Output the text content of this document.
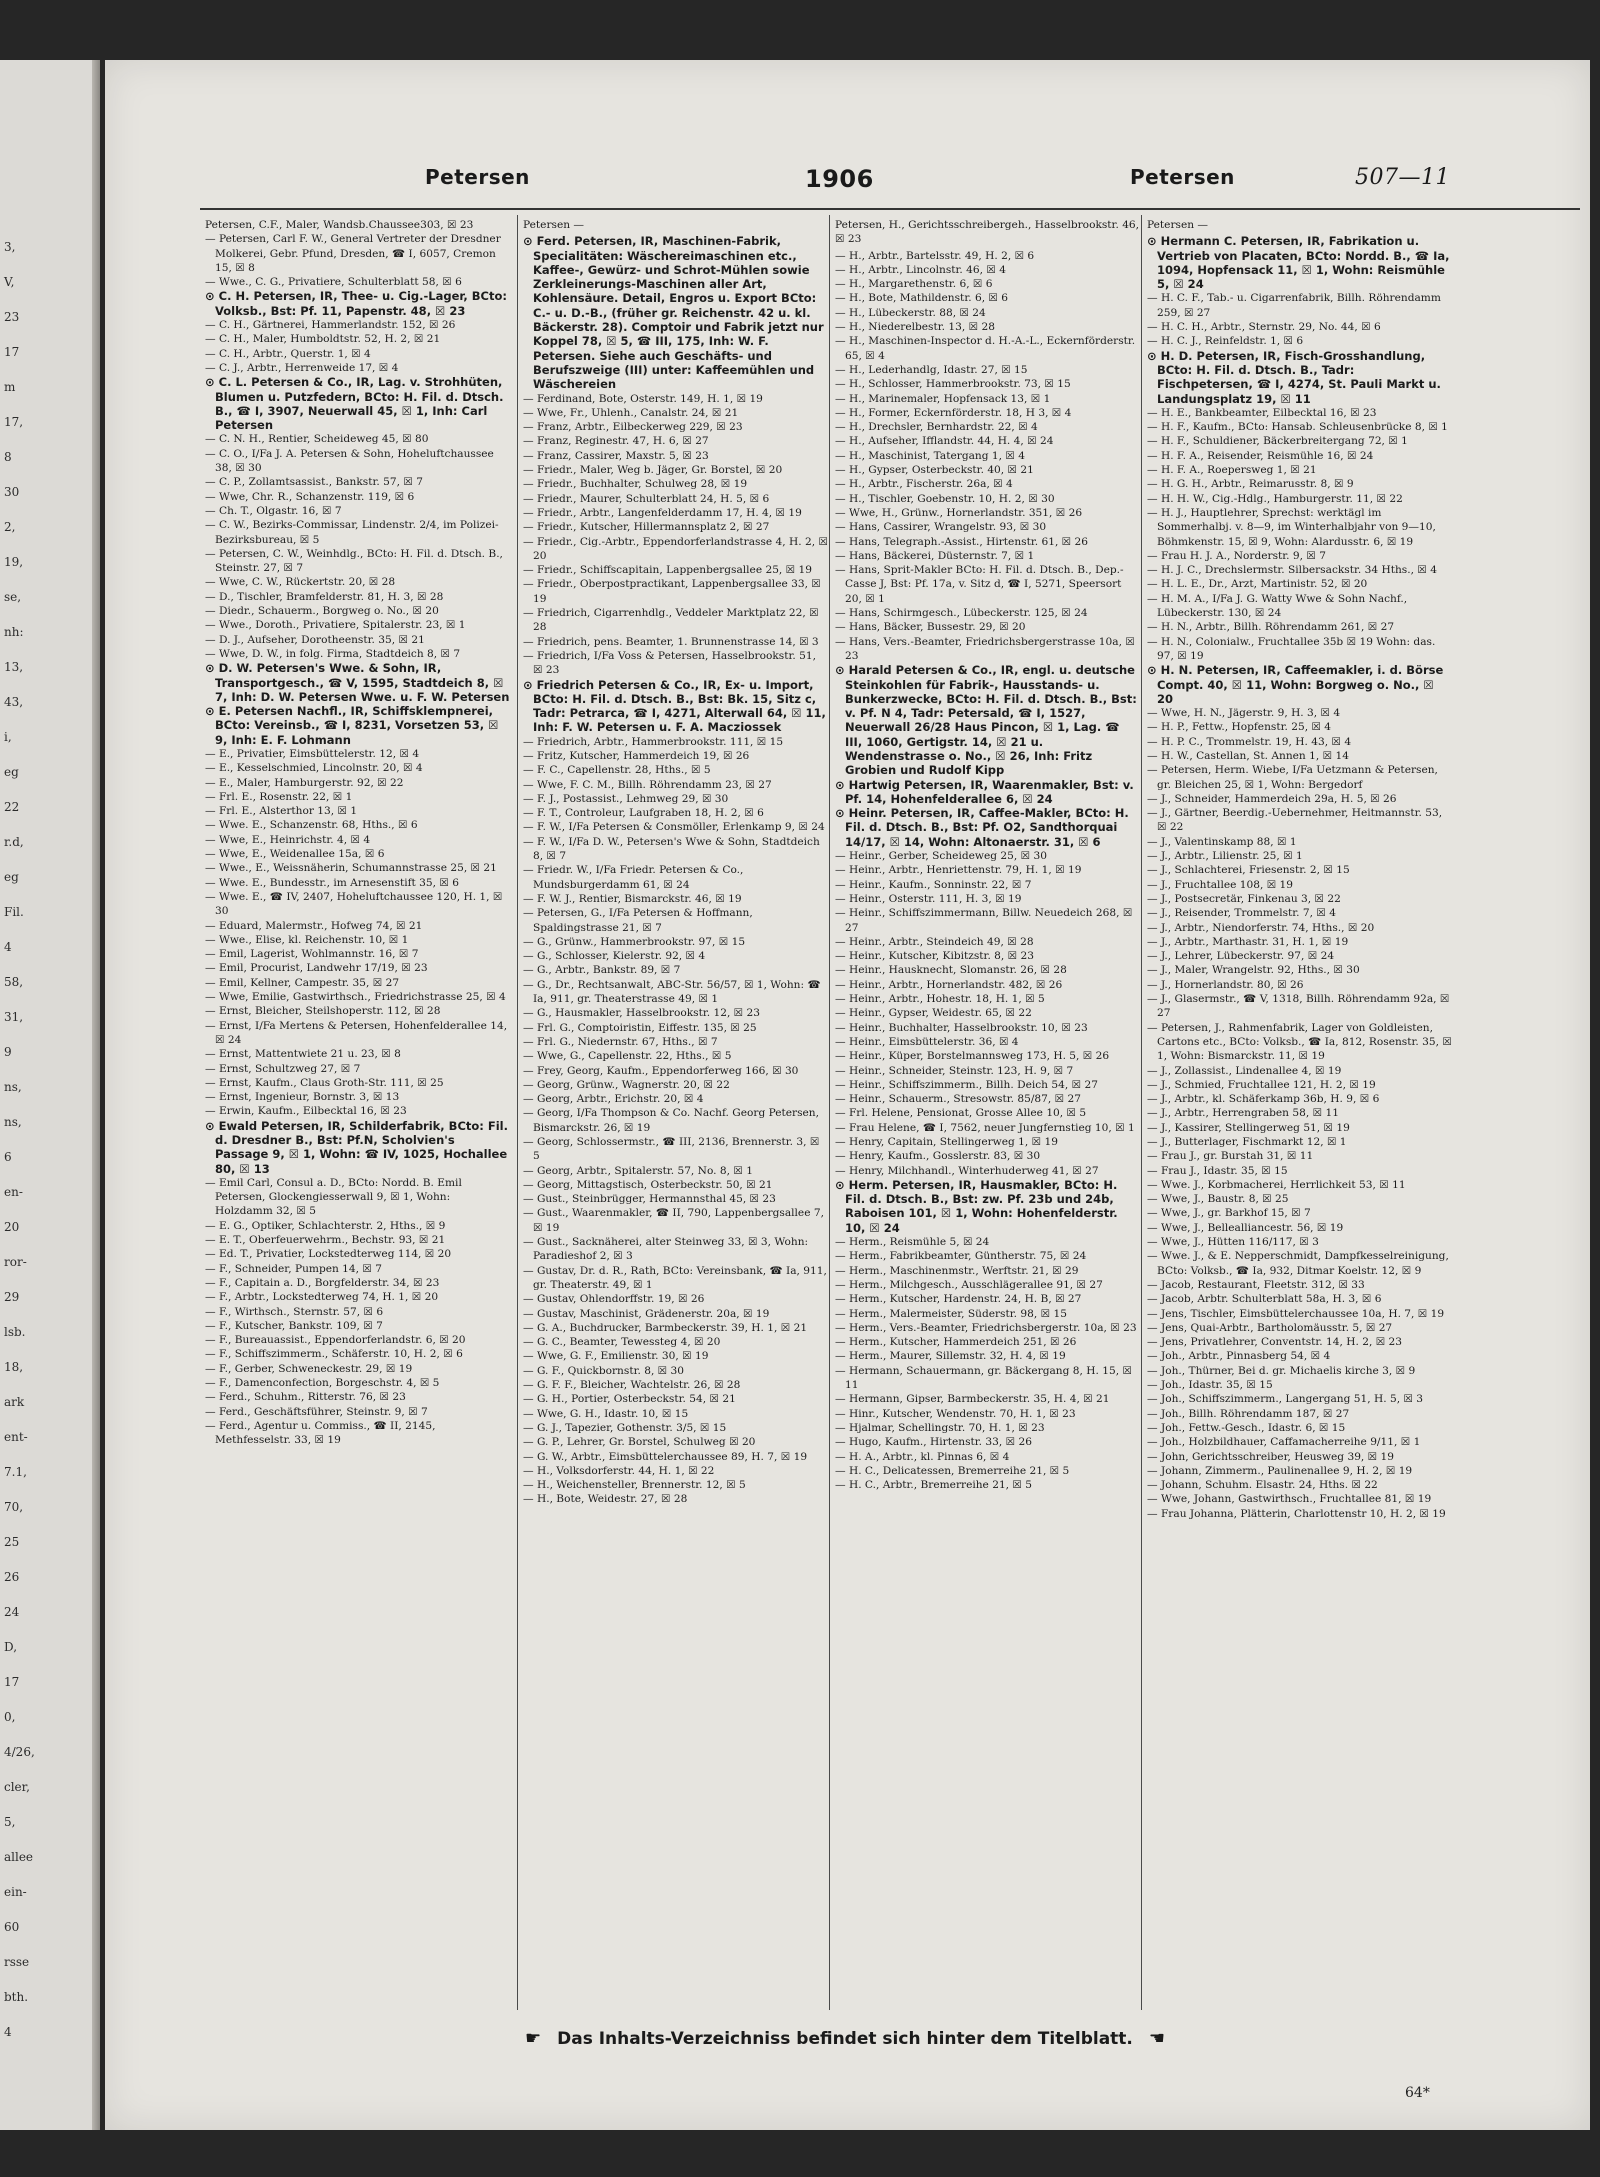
3,
V,
23
17
m
17,
8
30
2,
19,
se,
nh:
13,
43,
i,
eg
22
r.d,
eg
Fil.
4
58,
31,
9
ns,
ns,
6
en-
20
ror-
29
lsb.
18,
ark
ent-
7.1,
70,
25
26
24
D,
17
0,
4/26,
cler,
5,
allee
ein-
60
rsse
bth.
4
Petersen	1906	Petersen	507—11

Petersen, C.F., Maler, Wandsb.Chaussee303, ☒ 23

— Petersen, Carl F. W., General Vertreter der Dresdner Molkerei, Gebr. Pfund, Dresden, ☎ I, 6057, Cremon 15, ☒ 8

— Wwe., C. G., Privatiere, Schulterblatt 58, ☒ 6

⊙ C. H. Petersen, IR, Thee- u. Cig.-Lager, BCto: Volksb., Bst: Pf. 11, Papenstr. 48, ☒ 23

— C. H., Gärtnerei, Hammerlandstr. 152, ☒ 26

— C. H., Maler, Humboldtstr. 52, H. 2, ☒ 21

— C. H., Arbtr., Querstr. 1, ☒ 4

— C. J., Arbtr., Herrenweide 17, ☒ 4

⊙ C. L. Petersen & Co., IR, Lag. v. Strohhüten, Blumen u. Putzfedern, BCto: H. Fil. d. Dtsch. B., ☎ I, 3907, Neuerwall 45, ☒ 1, Inh: Carl Petersen

— C. N. H., Rentier, Scheideweg 45, ☒ 80

— C. O., I/Fa J. A. Petersen & Sohn, Hoheluftchaussee 38, ☒ 30

— C. P., Zollamtsassist., Bankstr. 57, ☒ 7

— Wwe, Chr. R., Schanzenstr. 119, ☒ 6

— Ch. T., Olgastr. 16, ☒ 7

— C. W., Bezirks-Commissar, Lindenstr. 2/4, im Polizei-Bezirksbureau, ☒ 5

— Petersen, C. W., Weinhdlg., BCto: H. Fil. d. Dtsch. B., Steinstr. 27, ☒ 7

— Wwe, C. W., Rückertstr. 20, ☒ 28

— D., Tischler, Bramfelderstr. 81, H. 3, ☒ 28

— Diedr., Schauerm., Borgweg o. No., ☒ 20

— Wwe., Doroth., Privatiere, Spitalerstr. 23, ☒ 1

— D. J., Aufseher, Dorotheenstr. 35, ☒ 21

— Wwe, D. W., in folg. Firma, Stadtdeich 8, ☒ 7

⊙ D. W. Petersen's Wwe. & Sohn, IR, Transportgesch., ☎ V, 1595, Stadtdeich 8, ☒ 7, Inh: D. W. Petersen Wwe. u. F. W. Petersen

⊙ E. Petersen Nachfl., IR, Schiffsklempnerei, BCto: Vereinsb., ☎ I, 8231, Vorsetzen 53, ☒ 9, Inh: E. F. Lohmann

— E., Privatier, Eimsbüttelerstr. 12, ☒ 4

— E., Kesselschmied, Lincolnstr. 20, ☒ 4

— E., Maler, Hamburgerstr. 92, ☒ 22

— Frl. E., Rosenstr. 22, ☒ 1

— Frl. E., Alsterthor 13, ☒ 1

— Wwe. E., Schanzenstr. 68, Hths., ☒ 6

— Wwe, E., Heinrichstr. 4, ☒ 4

— Wwe, E., Weidenallee 15a, ☒ 6

— Wwe., E., Weissnäherin, Schumannstrasse 25, ☒ 21

— Wwe. E., Bundesstr., im Arnesenstift 35, ☒ 6

— Wwe. E., ☎ IV, 2407, Hoheluftchaussee 120, H. 1, ☒ 30

— Eduard, Malermstr., Hofweg 74, ☒ 21

— Wwe., Elise, kl. Reichenstr. 10, ☒ 1

— Emil, Lagerist, Wohlmannstr. 16, ☒ 7

— Emil, Procurist, Landwehr 17/19, ☒ 23

— Emil, Kellner, Campestr. 35, ☒ 27

— Wwe, Emilie, Gastwirthsch., Friedrichstrasse 25, ☒ 4

— Ernst, Bleicher, Steilshoperstr. 112, ☒ 28

— Ernst, I/Fa Mertens & Petersen, Hohenfelderallee 14, ☒ 24

— Ernst, Mattentwiete 21 u. 23, ☒ 8

— Ernst, Schultzweg 27, ☒ 7

— Ernst, Kaufm., Claus Groth-Str. 111, ☒ 25

— Ernst, Ingenieur, Bornstr. 3, ☒ 13

— Erwin, Kaufm., Eilbecktal 16, ☒ 23

⊙ Ewald Petersen, IR, Schilderfabrik, BCto: Fil. d. Dresdner B., Bst: Pf.N, Scholvien's Passage 9, ☒ 1, Wohn: ☎ IV, 1025, Hochallee 80, ☒ 13

— Emil Carl, Consul a. D., BCto: Nordd. B. Emil Petersen, Glockengiesserwall 9, ☒ 1, Wohn: Holzdamm 32, ☒ 5

— E. G., Optiker, Schlachterstr. 2, Hths., ☒ 9

— E. T., Oberfeuerwehrm., Bechstr. 93, ☒ 21

— Ed. T., Privatier, Lockstedterweg 114, ☒ 20

— F., Schneider, Pumpen 14, ☒ 7

— F., Capitain a. D., Borgfelderstr. 34, ☒ 23

— F., Arbtr., Lockstedterweg 74, H. 1, ☒ 20

— F., Wirthsch., Sternstr. 57, ☒ 6

— F., Kutscher, Bankstr. 109, ☒ 7

— F., Bureauassist., Eppendorferlandstr. 6, ☒ 20

— F., Schiffszimmerm., Schäferstr. 10, H. 2, ☒ 6

— F., Gerber, Schweneckestr. 29, ☒ 19

— F., Damenconfection, Borgeschstr. 4, ☒ 5

— Ferd., Schuhm., Ritterstr. 76, ☒ 23

— Ferd., Geschäftsführer, Steinstr. 9, ☒ 7

— Ferd., Agentur u. Commiss., ☎ II, 2145, Methfesselstr. 33, ☒ 19

Petersen —

⊙ Ferd. Petersen, IR, Maschinen-Fabrik, Specialitäten: Wäschereimaschinen etc., Kaffee-, Gewürz- und Schrot-Mühlen sowie Zerkleinerungs-Maschinen aller Art, Kohlensäure. Detail, Engros u. Export BCto: C.- u. D.-B., (früher gr. Reichenstr. 42 u. kl. Bäckerstr. 28). Comptoir und Fabrik jetzt nur Koppel 78, ☒ 5, ☎ III, 175, Inh: W. F. Petersen. Siehe auch Geschäfts- und Berufszweige (III) unter: Kaffeemühlen und Wäschereien

— Ferdinand, Bote, Osterstr. 149, H. 1, ☒ 19

— Wwe, Fr., Uhlenh., Canalstr. 24, ☒ 21

— Franz, Arbtr., Eilbeckerweg 229, ☒ 23

— Franz, Reginestr. 47, H. 6, ☒ 27

— Franz, Cassirer, Maxstr. 5, ☒ 23

— Friedr., Maler, Weg b. Jäger, Gr. Borstel, ☒ 20

— Friedr., Buchhalter, Schulweg 28, ☒ 19

— Friedr., Maurer, Schulterblatt 24, H. 5, ☒ 6

— Friedr., Arbtr., Langenfelderdamm 17, H. 4, ☒ 19

— Friedr., Kutscher, Hillermannsplatz 2, ☒ 27

— Friedr., Cig.-Arbtr., Eppendorferlandstrasse 4, H. 2, ☒ 20

— Friedr., Schiffscapitain, Lappenbergsallee 25, ☒ 19

— Friedr., Oberpostpractikant, Lappenbergsallee 33, ☒ 19

— Friedrich, Cigarrenhdlg., Veddeler Marktplatz 22, ☒ 28

— Friedrich, pens. Beamter, 1. Brunnenstrasse 14, ☒ 3

— Friedrich, I/Fa Voss & Petersen, Hasselbrookstr. 51, ☒ 23

⊙ Friedrich Petersen & Co., IR, Ex- u. Import, BCto: H. Fil. d. Dtsch. B., Bst: Bk. 15, Sitz c, Tadr: Petrarca, ☎ I, 4271, Alterwall 64, ☒ 11, Inh: F. W. Petersen u. F. A. Macziossek

— Friedrich, Arbtr., Hammerbrookstr. 111, ☒ 15

— Fritz, Kutscher, Hammerdeich 19, ☒ 26

— F. C., Capellenstr. 28, Hths., ☒ 5

— Wwe, F. C. M., Billh. Röhrendamm 23, ☒ 27

— F. J., Postassist., Lehmweg 29, ☒ 30

— F. T., Controleur, Laufgraben 18, H. 2, ☒ 6

— F. W., I/Fa Petersen & Consmöller, Erlenkamp 9, ☒ 24

— F. W., I/Fa D. W., Petersen's Wwe & Sohn, Stadtdeich 8, ☒ 7

— Friedr. W., I/Fa Friedr. Petersen & Co., Mundsburgerdamm 61, ☒ 24

— F. W. J., Rentier, Bismarckstr. 46, ☒ 19

— Petersen, G., I/Fa Petersen & Hoffmann, Spaldingstrasse 21, ☒ 7

— G., Grünw., Hammerbrookstr. 97, ☒ 15

— G., Schlosser, Kielerstr. 92, ☒ 4

— G., Arbtr., Bankstr. 89, ☒ 7

— G., Dr., Rechtsanwalt, ABC-Str. 56/57, ☒ 1, Wohn: ☎ Ia, 911, gr. Theaterstrasse 49, ☒ 1

— G., Hausmakler, Hasselbrookstr. 12, ☒ 23

— Frl. G., Comptoiristin, Eiffestr. 135, ☒ 25

— Frl. G., Niedernstr. 67, Hths., ☒ 7

— Wwe, G., Capellenstr. 22, Hths., ☒ 5

— Frey, Georg, Kaufm., Eppendorferweg 166, ☒ 30

— Georg, Grünw., Wagnerstr. 20, ☒ 22

— Georg, Arbtr., Erichstr. 20, ☒ 4

— Georg, I/Fa Thompson & Co. Nachf. Georg Petersen, Bismarckstr. 26, ☒ 19

— Georg, Schlossermstr., ☎ III, 2136, Brennerstr. 3, ☒ 5

— Georg, Arbtr., Spitalerstr. 57, No. 8, ☒ 1

— Georg, Mittagstisch, Osterbeckstr. 50, ☒ 21

— Gust., Steinbrügger, Hermannsthal 45, ☒ 23

— Gust., Waarenmakler, ☎ II, 790, Lappenbergsallee 7, ☒ 19

— Gust., Sacknäherei, alter Steinweg 33, ☒ 3, Wohn: Paradieshof 2, ☒ 3

— Gustav, Dr. d. R., Rath, BCto: Vereinsbank, ☎ Ia, 911, gr. Theaterstr. 49, ☒ 1

— Gustav, Ohlendorffstr. 19, ☒ 26

— Gustav, Maschinist, Grädenerstr. 20a, ☒ 19

— G. A., Buchdrucker, Barmbeckerstr. 39, H. 1, ☒ 21

— G. C., Beamter, Tewessteg 4, ☒ 20

— Wwe, G. F., Emilienstr. 30, ☒ 19

— G. F., Quickbornstr. 8, ☒ 30

— G. F. F., Bleicher, Wachtelstr. 26, ☒ 28

— G. H., Portier, Osterbeckstr. 54, ☒ 21

— Wwe, G. H., Idastr. 10, ☒ 15

— G. J., Tapezier, Gothenstr. 3/5, ☒ 15

— G. P., Lehrer, Gr. Borstel, Schulweg ☒ 20

— G. W., Arbtr., Eimsbüttelerchaussee 89, H. 7, ☒ 19

— H., Volksdorferstr. 44, H. 1, ☒ 22

— H., Weichensteller, Brennerstr. 12, ☒ 5

— H., Bote, Weidestr. 27, ☒ 28

Petersen, H., Gerichtsschreibergeh., Hasselbrookstr. 46, ☒ 23

— H., Arbtr., Bartelsstr. 49, H. 2, ☒ 6

— H., Arbtr., Lincolnstr. 46, ☒ 4

— H., Margarethenstr. 6, ☒ 6

— H., Bote, Mathildenstr. 6, ☒ 6

— H., Lübeckerstr. 88, ☒ 24

— H., Niederelbestr. 13, ☒ 28

— H., Maschinen-Inspector d. H.-A.-L., Eckernförderstr. 65, ☒ 4

— H., Lederhandlg, Idastr. 27, ☒ 15

— H., Schlosser, Hammerbrookstr. 73, ☒ 15

— H., Marinemaler, Hopfensack 13, ☒ 1

— H., Former, Eckernförderstr. 18, H 3, ☒ 4

— H., Drechsler, Bernhardstr. 22, ☒ 4

— H., Aufseher, Ifflandstr. 44, H. 4, ☒ 24

— H., Maschinist, Tatergang 1, ☒ 4

— H., Gypser, Osterbeckstr. 40, ☒ 21

— H., Arbtr., Fischerstr. 26a, ☒ 4

— H., Tischler, Goebenstr. 10, H. 2, ☒ 30

— Wwe, H., Grünw., Hornerlandstr. 351, ☒ 26

— Hans, Cassirer, Wrangelstr. 93, ☒ 30

— Hans, Telegraph.-Assist., Hirtenstr. 61, ☒ 26

— Hans, Bäckerei, Düsternstr. 7, ☒ 1

— Hans, Sprit-Makler BCto: H. Fil. d. Dtsch. B., Dep.-Casse J, Bst: Pf. 17a, v. Sitz d, ☎ I, 5271, Speersort 20, ☒ 1

— Hans, Schirmgesch., Lübeckerstr. 125, ☒ 24

— Hans, Bäcker, Bussestr. 29, ☒ 20

— Hans, Vers.-Beamter, Friedrichsbergerstrasse 10a, ☒ 23

⊙ Harald Petersen & Co., IR, engl. u. deutsche Steinkohlen für Fabrik-, Hausstands- u. Bunkerzwecke, BCto: H. Fil. d. Dtsch. B., Bst: v. Pf. N 4, Tadr: Petersald, ☎ I, 1527, Neuerwall 26/28 Haus Pincon, ☒ 1, Lag. ☎ III, 1060, Gertigstr. 14, ☒ 21 u. Wendenstrasse o. No., ☒ 26, Inh: Fritz Grobien und Rudolf Kipp

⊙ Hartwig Petersen, IR, Waarenmakler, Bst: v. Pf. 14, Hohenfelderallee 6, ☒ 24

⊙ Heinr. Petersen, IR, Caffee-Makler, BCto: H. Fil. d. Dtsch. B., Bst: Pf. O2, Sandthorquai 14/17, ☒ 14, Wohn: Altonaerstr. 31, ☒ 6

— Heinr., Gerber, Scheideweg 25, ☒ 30

— Heinr., Arbtr., Henriettenstr. 79, H. 1, ☒ 19

— Heinr., Kaufm., Sonninstr. 22, ☒ 7

— Heinr., Osterstr. 111, H. 3, ☒ 19

— Heinr., Schiffszimmermann, Billw. Neuedeich 268, ☒ 27

— Heinr., Arbtr., Steindeich 49, ☒ 28

— Heinr., Kutscher, Kibitzstr. 8, ☒ 23

— Heinr., Hausknecht, Slomanstr. 26, ☒ 28

— Heinr., Arbtr., Hornerlandstr. 482, ☒ 26

— Heinr., Arbtr., Hohestr. 18, H. 1, ☒ 5

— Heinr., Gypser, Weidestr. 65, ☒ 22

— Heinr., Buchhalter, Hasselbrookstr. 10, ☒ 23

— Heinr., Eimsbüttelerstr. 36, ☒ 4

— Heinr., Küper, Borstelmannsweg 173, H. 5, ☒ 26

— Heinr., Schneider, Steinstr. 123, H. 9, ☒ 7

— Heinr., Schiffszimmerm., Billh. Deich 54, ☒ 27

— Heinr., Schauerm., Stresowstr. 85/87, ☒ 27

— Frl. Helene, Pensionat, Grosse Allee 10, ☒ 5

— Frau Helene, ☎ I, 7562, neuer Jungfernstieg 10, ☒ 1

— Henry, Capitain, Stellingerweg 1, ☒ 19

— Henry, Kaufm., Gosslerstr. 83, ☒ 30

— Henry, Milchhandl., Winterhuderweg 41, ☒ 27

⊙ Herm. Petersen, IR, Hausmakler, BCto: H. Fil. d. Dtsch. B., Bst: zw. Pf. 23b und 24b, Raboisen 101, ☒ 1, Wohn: Hohenfelderstr. 10, ☒ 24

— Herm., Reismühle 5, ☒ 24

— Herm., Fabrikbeamter, Güntherstr. 75, ☒ 24

— Herm., Maschinenmstr., Werftstr. 21, ☒ 29

— Herm., Milchgesch., Ausschlägerallee 91, ☒ 27

— Herm., Kutscher, Hardenstr. 24, H. B, ☒ 27

— Herm., Malermeister, Süderstr. 98, ☒ 15

— Herm., Vers.-Beamter, Friedrichsbergerstr. 10a, ☒ 23

— Herm., Kutscher, Hammerdeich 251, ☒ 26

— Herm., Maurer, Sillemstr. 32, H. 4, ☒ 19

— Hermann, Schauermann, gr. Bäckergang 8, H. 15, ☒ 11

— Hermann, Gipser, Barmbeckerstr. 35, H. 4, ☒ 21

— Hinr., Kutscher, Wendenstr. 70, H. 1, ☒ 23

— Hjalmar, Schellingstr. 70, H. 1, ☒ 23

— Hugo, Kaufm., Hirtenstr. 33, ☒ 26

— H. A., Arbtr., kl. Pinnas 6, ☒ 4

— H. C., Delicatessen, Bremerreihe 21, ☒ 5

— H. C., Arbtr., Bremerreihe 21, ☒ 5

Petersen —

⊙ Hermann C. Petersen, IR, Fabrikation u. Vertrieb von Placaten, BCto: Nordd. B., ☎ Ia, 1094, Hopfensack 11, ☒ 1, Wohn: Reismühle 5, ☒ 24

— H. C. F., Tab.- u. Cigarrenfabrik, Billh. Röhrendamm 259, ☒ 27

— H. C. H., Arbtr., Sternstr. 29, No. 44, ☒ 6

— H. C. J., Reinfeldstr. 1, ☒ 6

⊙ H. D. Petersen, IR, Fisch-Grosshandlung, BCto: H. Fil. d. Dtsch. B., Tadr: Fischpetersen, ☎ I, 4274, St. Pauli Markt u. Landungsplatz 19, ☒ 11

— H. E., Bankbeamter, Eilbecktal 16, ☒ 23

— H. F., Kaufm., BCto: Hansab. Schleusenbrücke 8, ☒ 1

— H. F., Schuldiener, Bäckerbreitergang 72, ☒ 1

— H. F. A., Reisender, Reismühle 16, ☒ 24

— H. F. A., Roepersweg 1, ☒ 21

— H. G. H., Arbtr., Reimarusstr. 8, ☒ 9

— H. H. W., Cig.-Hdlg., Hamburgerstr. 11, ☒ 22

— H. J., Hauptlehrer, Sprechst: werktägl im Sommerhalbj. v. 8—9, im Winterhalbjahr von 9—10, Böhmkenstr. 15, ☒ 9, Wohn: Alardusstr. 6, ☒ 19

— Frau H. J. A., Norderstr. 9, ☒ 7

— H. J. C., Drechslermstr. Silbersackstr. 34 Hths., ☒ 4

— H. L. E., Dr., Arzt, Martinistr. 52, ☒ 20

— H. M. A., I/Fa J. G. Watty Wwe & Sohn Nachf., Lübeckerstr. 130, ☒ 24

— H. N., Arbtr., Billh. Röhrendamm 261, ☒ 27

— H. N., Colonialw., Fruchtallee 35b ☒ 19 Wohn: das. 97, ☒ 19

⊙ H. N. Petersen, IR, Caffeemakler, i. d. Börse Compt. 40, ☒ 11, Wohn: Borgweg o. No., ☒ 20

— Wwe, H. N., Jägerstr. 9, H. 3, ☒ 4

— H. P., Fettw., Hopfenstr. 25, ☒ 4

— H. P. C., Trommelstr. 19, H. 43, ☒ 4

— H. W., Castellan, St. Annen 1, ☒ 14

— Petersen, Herm. Wiebe, I/Fa Uetzmann & Petersen, gr. Bleichen 25, ☒ 1, Wohn: Bergedorf

— J., Schneider, Hammerdeich 29a, H. 5, ☒ 26

— J., Gärtner, Beerdig.-Uebernehmer, Heitmannstr. 53, ☒ 22

— J., Valentinskamp 88, ☒ 1

— J., Arbtr., Lilienstr. 25, ☒ 1

— J., Schlachterei, Friesenstr. 2, ☒ 15

— J., Fruchtallee 108, ☒ 19

— J., Postsecretär, Finkenau 3, ☒ 22

— J., Reisender, Trommelstr. 7, ☒ 4

— J., Arbtr., Niendorferstr. 74, Hths., ☒ 20

— J., Arbtr., Marthastr. 31, H. 1, ☒ 19

— J., Lehrer, Lübeckerstr. 97, ☒ 24

— J., Maler, Wrangelstr. 92, Hths., ☒ 30

— J., Hornerlandstr. 80, ☒ 26

— J., Glasermstr., ☎ V, 1318, Billh. Röhrendamm 92a, ☒ 27

— Petersen, J., Rahmenfabrik, Lager von Goldleisten, Cartons etc., BCto: Volksb., ☎ Ia, 812, Rosenstr. 35, ☒ 1, Wohn: Bismarckstr. 11, ☒ 19

— J., Zollassist., Lindenallee 4, ☒ 19

— J., Schmied, Fruchtallee 121, H. 2, ☒ 19

— J., Arbtr., kl. Schäferkamp 36b, H. 9, ☒ 6

— J., Arbtr., Herrengraben 58, ☒ 11

— J., Kassirer, Stellingerweg 51, ☒ 19

— J., Butterlager, Fischmarkt 12, ☒ 1

— Frau J., gr. Burstah 31, ☒ 11

— Frau J., Idastr. 35, ☒ 15

— Wwe. J., Korbmacherei, Herrlichkeit 53, ☒ 11

— Wwe, J., Baustr. 8, ☒ 25

— Wwe, J., gr. Barkhof 15, ☒ 7

— Wwe, J., Bellealliancestr. 56, ☒ 19

— Wwe, J., Hütten 116/117, ☒ 3

— Wwe. J., & E. Nepperschmidt, Dampfkesselreinigung, BCto: Volksb., ☎ Ia, 932, Ditmar Koelstr. 12, ☒ 9

— Jacob, Restaurant, Fleetstr. 312, ☒ 33

— Jacob, Arbtr. Schulterblatt 58a, H. 3, ☒ 6

— Jens, Tischler, Eimsbüttelerchaussee 10a, H. 7, ☒ 19

— Jens, Quai-Arbtr., Bartholomäusstr. 5, ☒ 27

— Jens, Privatlehrer, Conventstr. 14, H. 2, ☒ 23

— Joh., Arbtr., Pinnasberg 54, ☒ 4

— Joh., Thürner, Bei d. gr. Michaelis kirche 3, ☒ 9

— Joh., Idastr. 35, ☒ 15

— Joh., Schiffszimmerm., Langergang 51, H. 5, ☒ 3

— Joh., Billh. Röhrendamm 187, ☒ 27

— Joh., Fettw.-Gesch., Idastr. 6, ☒ 15

— Joh., Holzbildhauer, Caffamacherreihe 9/11, ☒ 1

— John, Gerichtsschreiber, Heusweg 39, ☒ 19

— Johann, Zimmerm., Paulinenallee 9, H. 2, ☒ 19

— Johann, Schuhm. Elsastr. 24, Hths. ☒ 22

— Wwe, Johann, Gastwirthsch., Fruchtallee 81, ☒ 19

— Frau Johanna, Plätterin, Charlottenstr 10, H. 2, ☒ 19

☛ Das Inhalts-Verzeichniss befindet sich hinter dem Titelblatt. ☚
64*
